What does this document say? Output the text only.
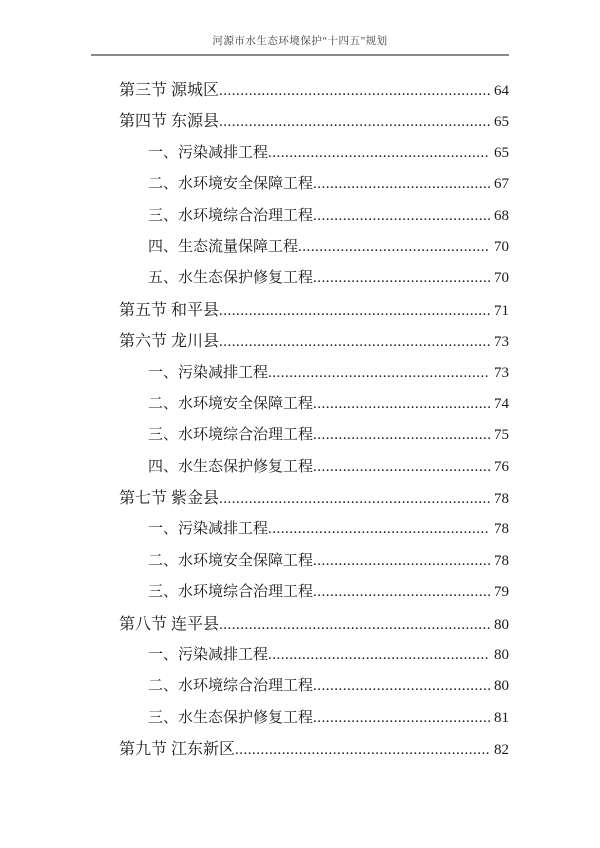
河源市水生态环境保护“十四五”规划
第三节 源城区 .....	64
第四节 东源县 .....	65
一、污染减排工程 .....	65
二、水环境安全保障工程 .....	67
三、水环境综合治理工程 .....	68
四、生态流量保障工程 .....	70
五、水生态保护修复工程 .....	70
第五节 和平县 .....	71
第六节 龙川县 .....	73
一、污染减排工程 .....	73
二、水环境安全保障工程 .....	74
三、水环境综合治理工程 .....	75
四、水生态保护修复工程 .....	76
第七节 紫金县 .....	78
一、污染减排工程 .....	78
二、水环境安全保障工程 .....	78
三、水环境综合治理工程 .....	79
第八节 连平县 .....	80
一、污染减排工程 .....	80
二、水环境综合治理工程 .....	80
三、水生态保护修复工程 .....	81
第九节 江东新区 .....	82
